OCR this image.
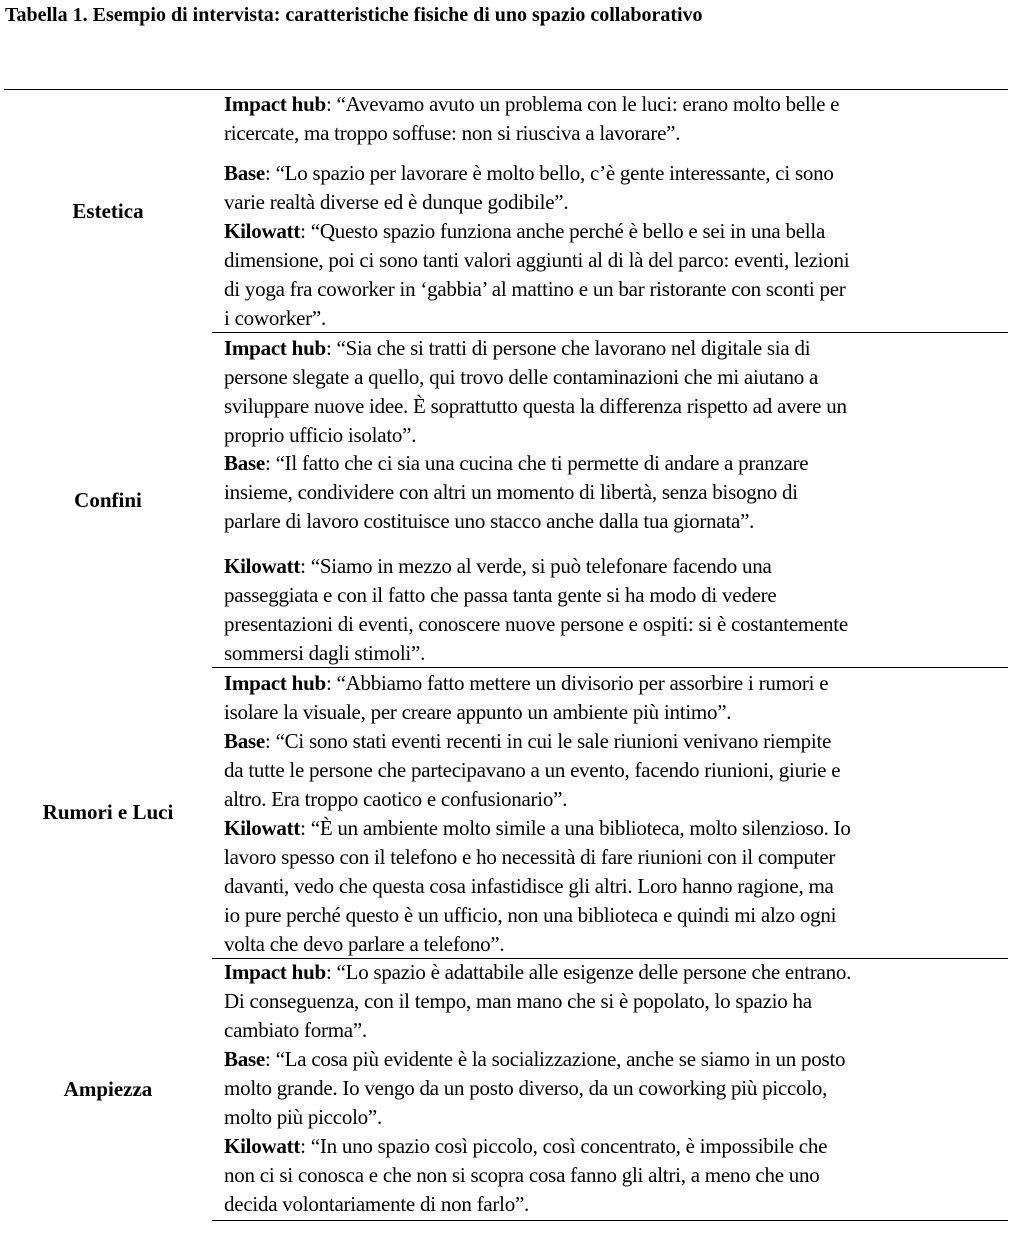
Tabella 1. Esempio di intervista: caratteristiche fisiche di uno spazio collaborativo
Estetica
Impact hub: “Avevamo avuto un problema con le luci: erano molto belle e
ricercate, ma troppo soffuse: non si riusciva a lavorare”.
Base: “Lo spazio per lavorare è molto bello, c’è gente interessante, ci sono
varie realtà diverse ed è dunque godibile”.
Kilowatt: “Questo spazio funziona anche perché è bello e sei in una bella
dimensione, poi ci sono tanti valori aggiunti al di là del parco: eventi, lezioni
di yoga fra coworker in ‘gabbia’ al mattino e un bar ristorante con sconti per
i coworker”.
Confini
Impact hub: “Sia che si tratti di persone che lavorano nel digitale sia di
persone slegate a quello, qui trovo delle contaminazioni che mi aiutano a
sviluppare nuove idee. È soprattutto questa la differenza rispetto ad avere un
proprio ufficio isolato”.
Base: “Il fatto che ci sia una cucina che ti permette di andare a pranzare
insieme, condividere con altri un momento di libertà, senza bisogno di
parlare di lavoro costituisce uno stacco anche dalla tua giornata”.
Kilowatt: “Siamo in mezzo al verde, si può telefonare facendo una
passeggiata e con il fatto che passa tanta gente si ha modo di vedere
presentazioni di eventi, conoscere nuove persone e ospiti: si è costantemente
sommersi dagli stimoli”.
Rumori e Luci
Impact hub: “Abbiamo fatto mettere un divisorio per assorbire i rumori e
isolare la visuale, per creare appunto un ambiente più intimo”.
Base: “Ci sono stati eventi recenti in cui le sale riunioni venivano riempite
da tutte le persone che partecipavano a un evento, facendo riunioni, giurie e
altro. Era troppo caotico e confusionario”.
Kilowatt: “È un ambiente molto simile a una biblioteca, molto silenzioso. Io
lavoro spesso con il telefono e ho necessità di fare riunioni con il computer
davanti, vedo che questa cosa infastidisce gli altri. Loro hanno ragione, ma
io pure perché questo è un ufficio, non una biblioteca e quindi mi alzo ogni
volta che devo parlare a telefono”.
Ampiezza
Impact hub: “Lo spazio è adattabile alle esigenze delle persone che entrano.
Di conseguenza, con il tempo, man mano che si è popolato, lo spazio ha
cambiato forma”.
Base: “La cosa più evidente è la socializzazione, anche se siamo in un posto
molto grande. Io vengo da un posto diverso, da un coworking più piccolo,
molto più piccolo”.
Kilowatt: “In uno spazio così piccolo, così concentrato, è impossibile che
non ci si conosca e che non si scopra cosa fanno gli altri, a meno che uno
decida volontariamente di non farlo”.
